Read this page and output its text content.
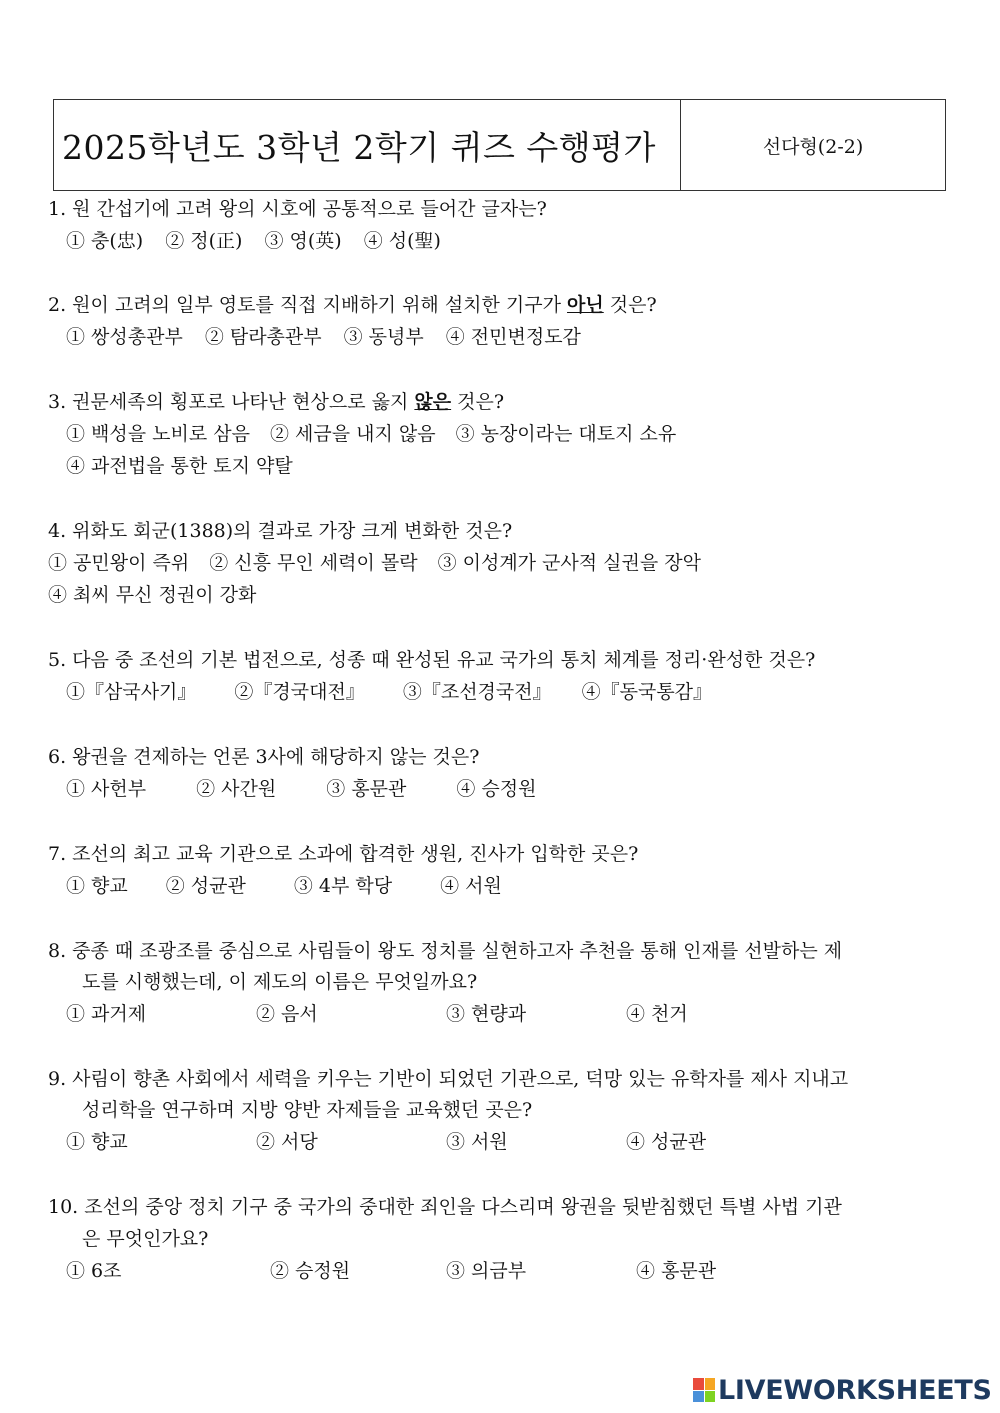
2025학년도 3학년 2학기 퀴즈 수행평가	선다형(2-2)
1. 원 간섭기에 고려 왕의 시호에 공통적으로 들어간 글자는?
① 충(忠) ② 정(正) ③ 영(英) ④ 성(聖)
2. 원이 고려의 일부 영토를 직접 지배하기 위해 설치한 기구가 아닌 것은?
① 쌍성총관부 ② 탐라총관부 ③ 동녕부 ④ 전민변정도감
3. 권문세족의 횡포로 나타난 현상으로 옳지 않은 것은?
① 백성을 노비로 삼음 ② 세금을 내지 않음 ③ 농장이라는 대토지 소유
④ 과전법을 통한 토지 약탈
4. 위화도 회군(1388)의 결과로 가장 크게 변화한 것은?
① 공민왕이 즉위 ② 신흥 무인 세력이 몰락 ③ 이성계가 군사적 실권을 장악
④ 최씨 무신 정권이 강화
5. 다음 중 조선의 기본 법전으로, 성종 때 완성된 유교 국가의 통치 체계를 정리·완성한 것은?
①『삼국사기』 ②『경국대전』 ③『조선경국전』 ④『동국통감』
6. 왕권을 견제하는 언론 3사에 해당하지 않는 것은?
① 사헌부	② 사간원	③ 홍문관	④ 승정원
7. 조선의 최고 교육 기관으로 소과에 합격한 생원, 진사가 입학한 곳은?
① 향교 ② 성균관	③ 4부 학당	④ 서원
8. 중종 때 조광조를 중심으로 사림들이 왕도 정치를 실현하고자 추천을 통해 인재를 선발하는 제
도를 시행했는데, 이 제도의 이름은 무엇일까요?
① 과거제	② 음서	③ 현량과	④ 천거
9. 사림이 향촌 사회에서 세력을 키우는 기반이 되었던 기관으로, 덕망 있는 유학자를 제사 지내고
성리학을 연구하며 지방 양반 자제들을 교육했던 곳은?
① 향교	② 서당	③ 서원	④ 성균관
10. 조선의 중앙 정치 기구 중 국가의 중대한 죄인을 다스리며 왕권을 뒷받침했던 특별 사법 기관
은 무엇인가요?
① 6조	② 승정원	③ 의금부	④ 홍문관
LIVEWORKSHEETS
